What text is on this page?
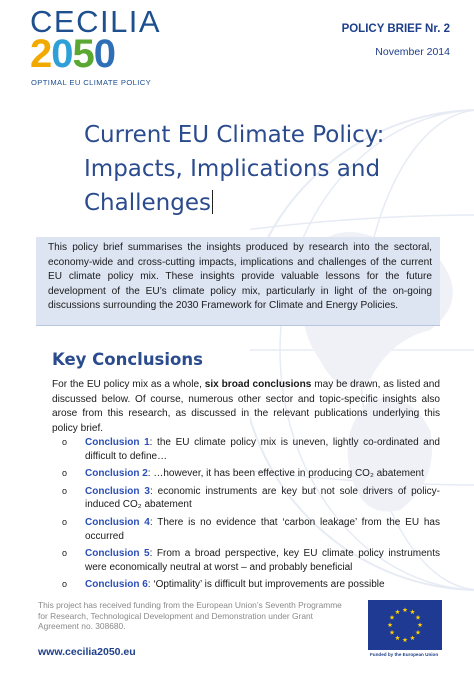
CECILIA
2050
OPTIMAL EU CLIMATE POLICY
POLICY BRIEF Nr. 2
November 2014
Current EU Climate Policy:
Impacts, Implications and
Challenges
This policy brief summarises the insights produced by research into the sectoral, economy-wide and cross-cutting impacts, implications and challenges of the current EU climate policy mix. These insights provide valuable lessons for the future development of the EU’s climate policy mix, particularly in light of the on-going discussions surrounding the 2030 Framework for Climate and Energy Policies.
Key Conclusions
For the EU policy mix as a whole, six broad conclusions may be drawn, as listed and discussed below. Of course, numerous other sector and topic-specific insights also arose from this research, as discussed in the relevant publications underlying this policy brief.
o Conclusion 1: the EU climate policy mix is uneven, lightly co-ordinated and difficult to define…
o Conclusion 2: …however, it has been effective in producing CO₂ abatement
o Conclusion 3: economic instruments are key but not sole drivers of policy-induced CO₂ abatement
o Conclusion 4: There is no evidence that ‘carbon leakage’ from the EU has occurred
o Conclusion 5: From a broad perspective, key EU climate policy instruments were economically neutral at worst – and probably beneficial
o Conclusion 6: ‘Optimality’ is difficult but improvements are possible
This project has received funding from the European Union’s Seventh Programme for Research, Technological Development and Demonstration under Grant Agreement no. 308680.
www.cecilia2050.eu	Funded by the European Union
